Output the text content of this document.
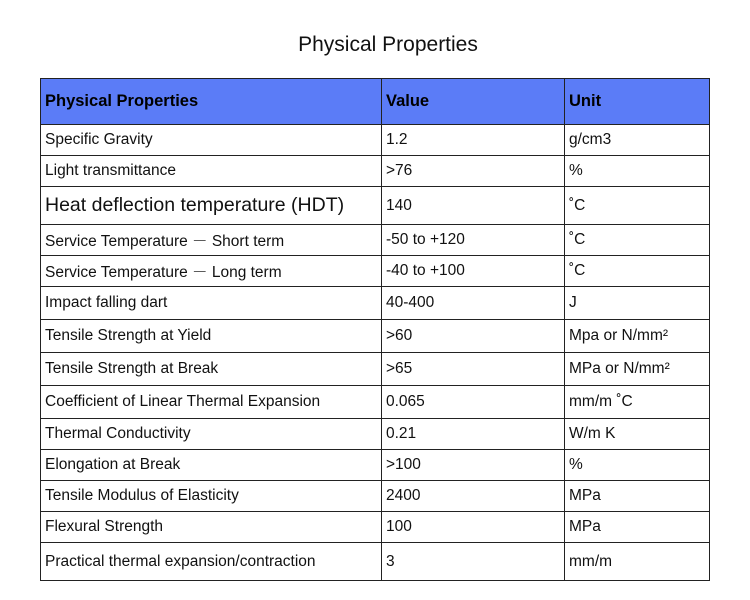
Physical Properties
Physical Properties	Value	Unit
Specific Gravity	1.2	g/cm3
Light transmittance	>76	%
Heat deflection temperature (HDT)	140	˚C
Service Temperature － Short term	-50 to +120	˚C
Service Temperature － Long term	-40 to +100	˚C
Impact falling dart	40-400	J
Tensile Strength at Yield	>60	Mpa or N/mm²
Tensile Strength at Break	>65	MPa or N/mm²
Coefficient of Linear Thermal Expansion	0.065	mm/m ˚C
Thermal Conductivity	0.21	W/m K
Elongation at Break	>100	%
Tensile Modulus of Elasticity	2400	MPa
Flexural Strength	100	MPa
Practical thermal expansion/contraction	3	mm/m
